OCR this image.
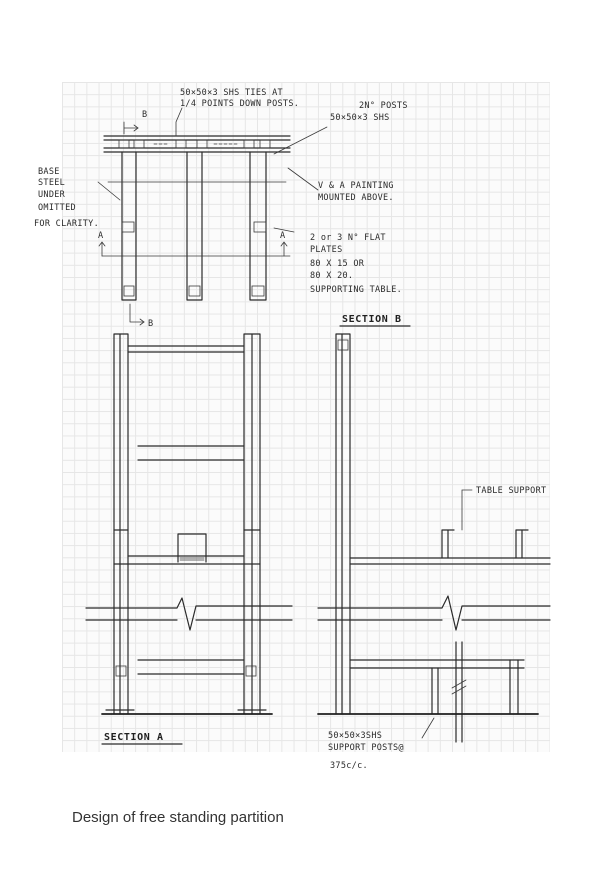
50×50×3 SHS TIES AT
1/4 POINTS DOWN POSTS.	2N° POSTS
50×50×3 SHS
V & A PAINTING
MOUNTED ABOVE.
BASE
STEEL
UNDER
OMITTED
FOR CLARITY.
2 or 3 N° FLAT
PLATES
80 X 15 OR
80 X 20.
SUPPORTING TABLE.
B
B
A	A
SECTION A
SECTION B
TABLE SUPPORT
50×50×3SHS
SUPPORT POSTS@
375c/c.

Design of free standing partition
